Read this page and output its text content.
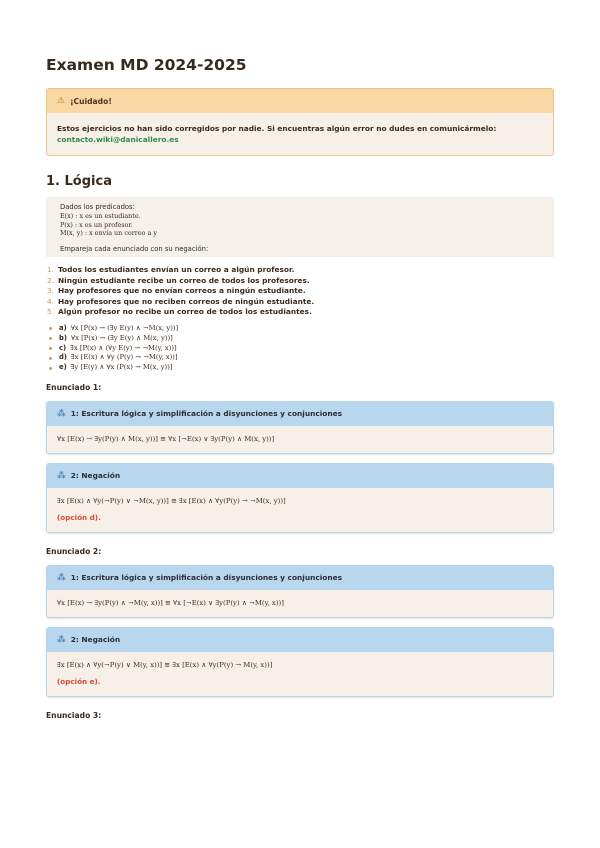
Examen MD 2024-2025
⚠ ¡Cuidado!
Estos ejercicios no han sido corregidos por nadie. Si encuentras algún error no dudes en comunicármelo:
contacto.wiki@danicallero.es
1. Lógica
Dados los predicados:
E(x) : x es un estudiante.
P(x) : x es un profesor.
M(x, y) : x envía un correo a y
Empareja cada enunciado con su negación:
1. Todos los estudiantes envían un correo a algún profesor.
2. Ningún estudiante recibe un correo de todos los profesores.
3. Hay profesores que no envían correos a ningún estudiante.
4. Hay profesores que no reciben correos de ningún estudiante.
5. Algún profesor no recibe un correo de todos los estudiantes.
a) ∀x [P(x) → (∃y E(y) ∧ ¬M(x, y))]
b) ∀x [P(x) → (∃y E(y) ∧ M(x, y))]
c) ∃x [P(x) ∧ (∀y E(y) → ¬M(y, x))]
d) ∃x [E(x) ∧ ∀y (P(y) → ¬M(y, x))]
e) ∃y [E(y) ∧ ∀x (P(x) → M(x, y))]
Enunciado 1:
⁂ 1: Escritura lógica y simplificación a disyunciones y conjunciones
∀x [E(x) → ∃y(P(y) ∧ M(x, y))] ≡ ∀x [¬E(x) ∨ ∃y(P(y) ∧ M(x, y))]
⁂ 2: Negación
∃x [E(x) ∧ ∀y(¬P(y) ∨ ¬M(x, y))] ≡ ∃x [E(x) ∧ ∀y(P(y) → ¬M(x, y))]
(opción d).
Enunciado 2:
⁂ 1: Escritura lógica y simplificación a disyunciones y conjunciones
∀x [E(x) → ∃y(P(y) ∧ ¬M(y, x))] ≡ ∀x [¬E(x) ∨ ∃y(P(y) ∧ ¬M(y, x))]
⁂ 2: Negación
∃x [E(x) ∧ ∀y(¬P(y) ∨ M(y, x))] ≡ ∃x [E(x) ∧ ∀y(P(y) → M(y, x))]
(opción e).
Enunciado 3:
